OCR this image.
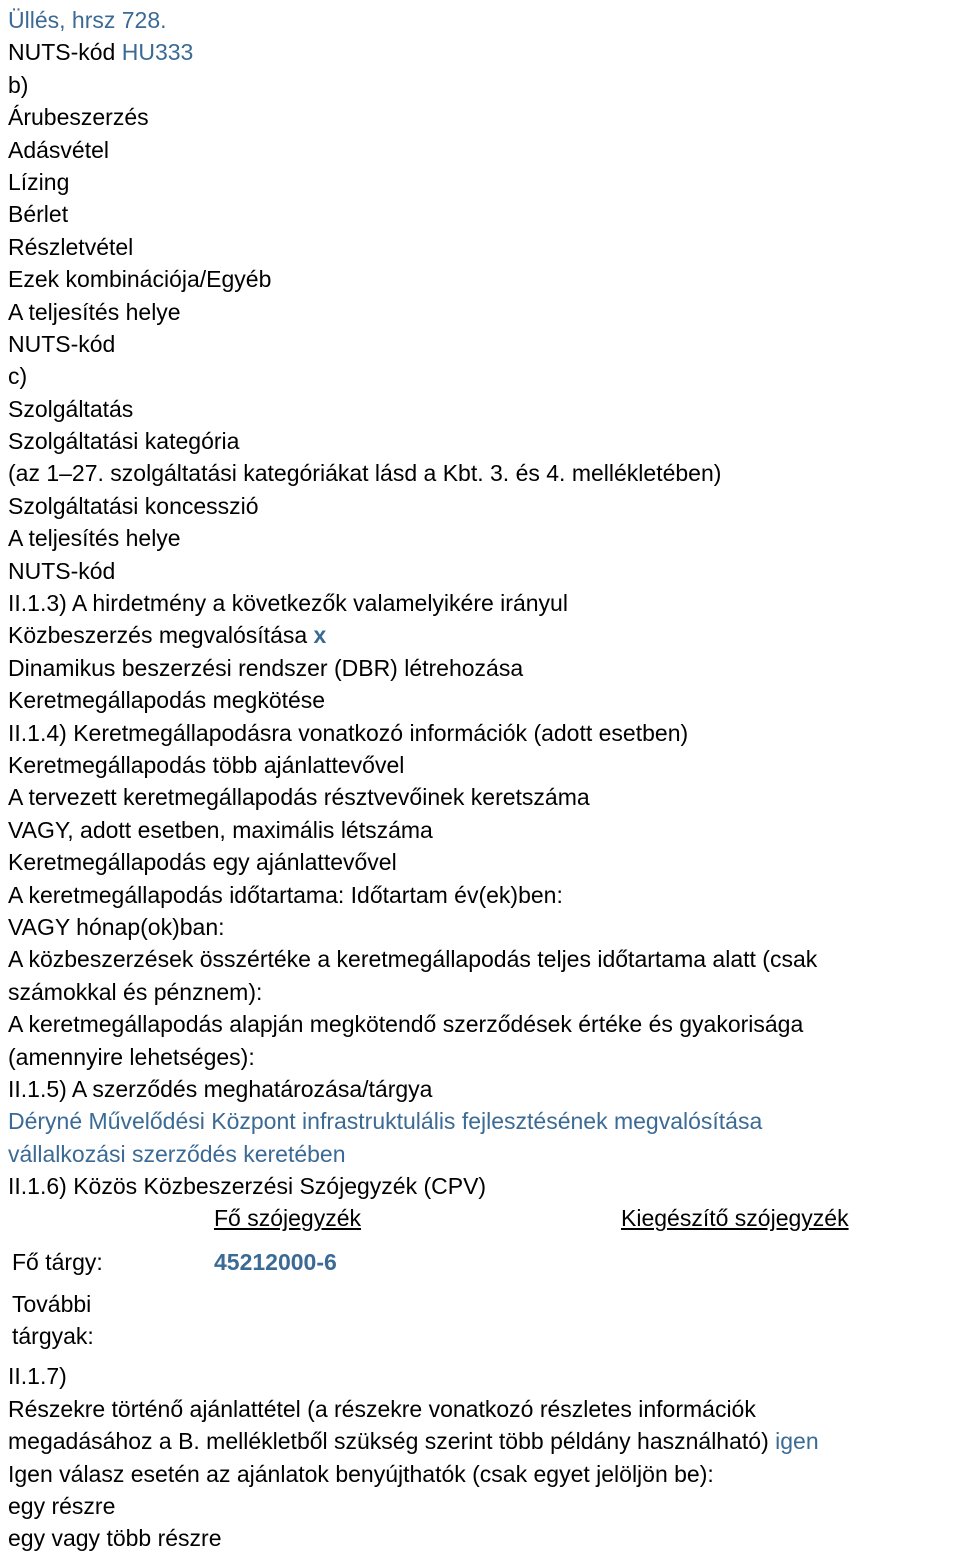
Üllés, hrsz 728.
NUTS-kód HU333
b)
Árubeszerzés
Adásvétel
Lízing
Bérlet
Részletvétel
Ezek kombinációja/Egyéb
A teljesítés helye
NUTS-kód
c)
Szolgáltatás
Szolgáltatási kategória
(az 1–27. szolgáltatási kategóriákat lásd a Kbt. 3. és 4. mellékletében)
Szolgáltatási koncesszió
A teljesítés helye
NUTS-kód
II.1.3) A hirdetmény a következők valamelyikére irányul
Közbeszerzés megvalósítása x
Dinamikus beszerzési rendszer (DBR) létrehozása
Keretmegállapodás megkötése
II.1.4) Keretmegállapodásra vonatkozó információk (adott esetben)
Keretmegállapodás több ajánlattevővel
A tervezett keretmegállapodás résztvevőinek keretszáma
VAGY, adott esetben, maximális létszáma
Keretmegállapodás egy ajánlattevővel
A keretmegállapodás időtartama: Időtartam év(ek)ben:
VAGY hónap(ok)ban:
A közbeszerzések összértéke a keretmegállapodás teljes időtartama alatt (csak
számokkal és pénznem):
A keretmegállapodás alapján megkötendő szerződések értéke és gyakorisága
(amennyire lehetséges):
II.1.5) A szerződés meghatározása/tárgya
Déryné Művelődési Központ infrastruktulális fejlesztésének megvalósítása
vállalkozási szerződés keretében
II.1.6) Közös Közbeszerzési Szójegyzék (CPV)
Fő szójegyzék	Kiegészítő szójegyzék
Fő tárgy:	45212000-6
További
tárgyak:
II.1.7)
Részekre történő ajánlattétel (a részekre vonatkozó részletes információk
megadásához a B. mellékletből szükség szerint több példány használható) igen
Igen válasz esetén az ajánlatok benyújthatók (csak egyet jelöljön be):
egy részre
egy vagy több részre
